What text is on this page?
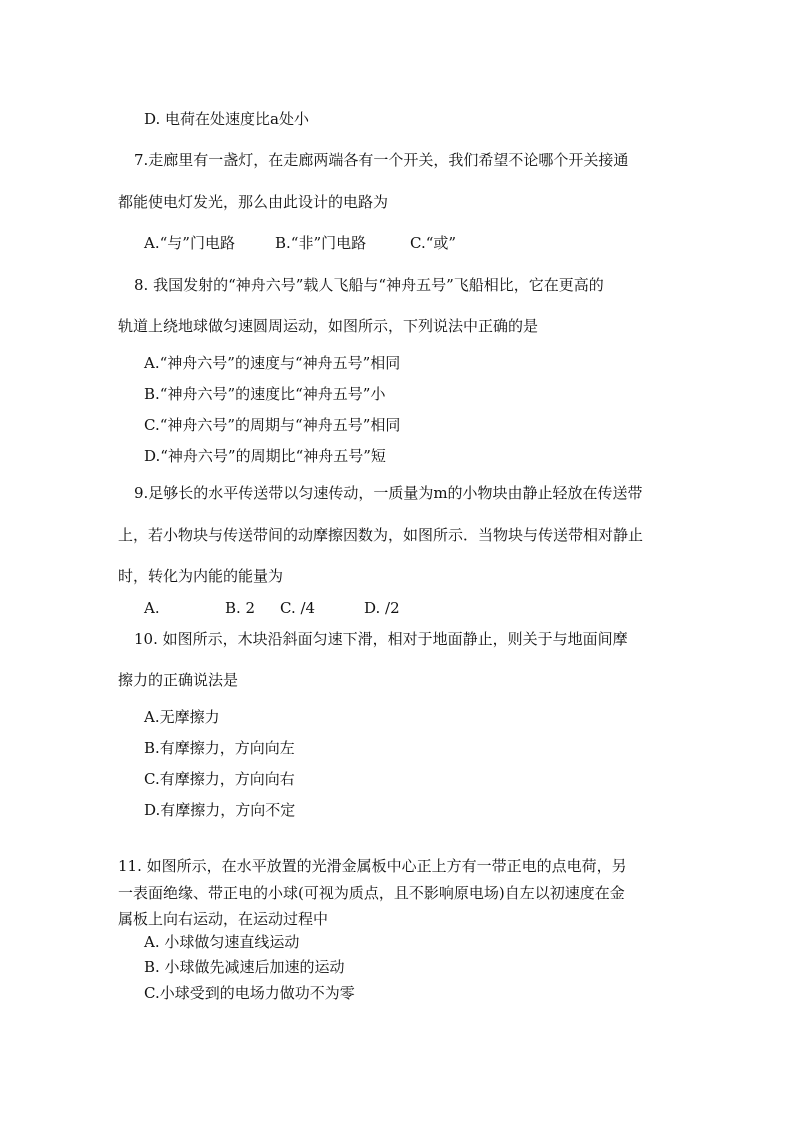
D. 电荷在处速度比a处小
7.走廊里有一盏灯，在走廊两端各有一个开关，我们希望不论哪个开关接通
都能使电灯发光，那么由此设计的电路为
A.“与”门电路	B.“非”门电路	C.“或”
8. 我国发射的“神舟六号”载人飞船与“神舟五号”飞船相比，它在更高的
轨道上绕地球做匀速圆周运动，如图所示，下列说法中正确的是
A.“神舟六号”的速度与“神舟五号”相同
B.“神舟六号”的速度比“神舟五号”小
C.“神舟六号”的周期与“神舟五号”相同
D.“神舟六号”的周期比“神舟五号”短
9.足够长的水平传送带以匀速传动，一质量为m的小物块由静止轻放在传送带
上，若小物块与传送带间的动摩擦因数为，如图所示．当物块与传送带相对静止
时，转化为内能的能量为
A.	B. 2 C. /4	D. /2
10. 如图所示，木块沿斜面匀速下滑，相对于地面静止，则关于与地面间摩
擦力的正确说法是
A.无摩擦力
B.有摩擦力，方向向左
C.有摩擦力，方向向右
D.有摩擦力，方向不定
11. 如图所示，在水平放置的光滑金属板中心正上方有一带正电的点电荷，另
一表面绝缘、带正电的小球(可视为质点，且不影响原电场)自左以初速度在金
属板上向右运动，在运动过程中
A. 小球做匀速直线运动
B. 小球做先减速后加速的运动
C.小球受到的电场力做功不为零
